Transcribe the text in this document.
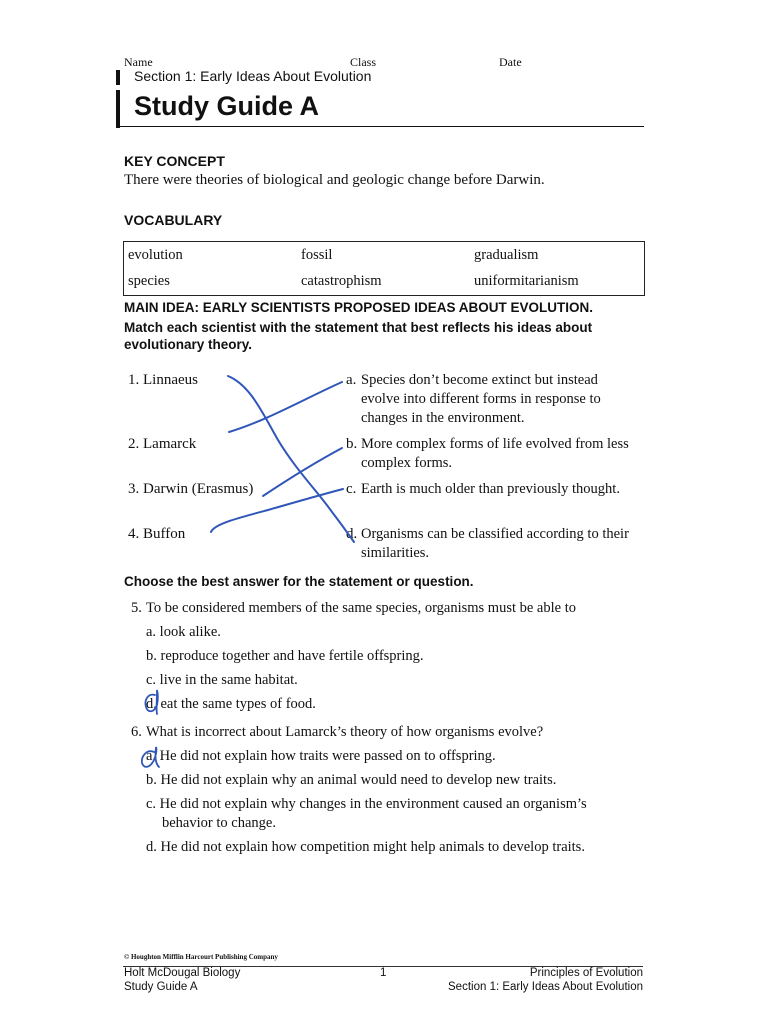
Name	Class	Date
Section 1: Early Ideas About Evolution
Study Guide A
KEY CONCEPT
There were theories of biological and geologic change before Darwin.
VOCABULARY
evolution	fossil	gradualism
species	catastrophism	uniformitarianism
MAIN IDEA: EARLY SCIENTISTS PROPOSED IDEAS ABOUT EVOLUTION.
Match each scientist with the statement that best reflects his ideas about
evolutionary theory.
1. Linnaeus
2. Lamarck
3. Darwin (Erasmus)
4. Buffon
a. Species don’t become extinct but instead evolve into different forms in response to changes in the environment.
b. More complex forms of life evolved from less complex forms.
c. Earth is much older than previously thought.
d. Organisms can be classified according to their similarities.
Choose the best answer for the statement or question.
5. To be considered members of the same species, organisms must be able to
a. look alike.
b. reproduce together and have fertile offspring.
c. live in the same habitat.
d. eat the same types of food.
6. What is incorrect about Lamarck’s theory of how organisms evolve?
a. He did not explain how traits were passed on to offspring.
b. He did not explain why an animal would need to develop new traits.
c. He did not explain why changes in the environment caused an organism’s
behavior to change.
d. He did not explain how competition might help animals to develop traits.
© Houghton Mifflin Harcourt Publishing Company
Holt McDougal Biology
Study Guide A
1	Principles of Evolution
Section 1: Early Ideas About Evolution
